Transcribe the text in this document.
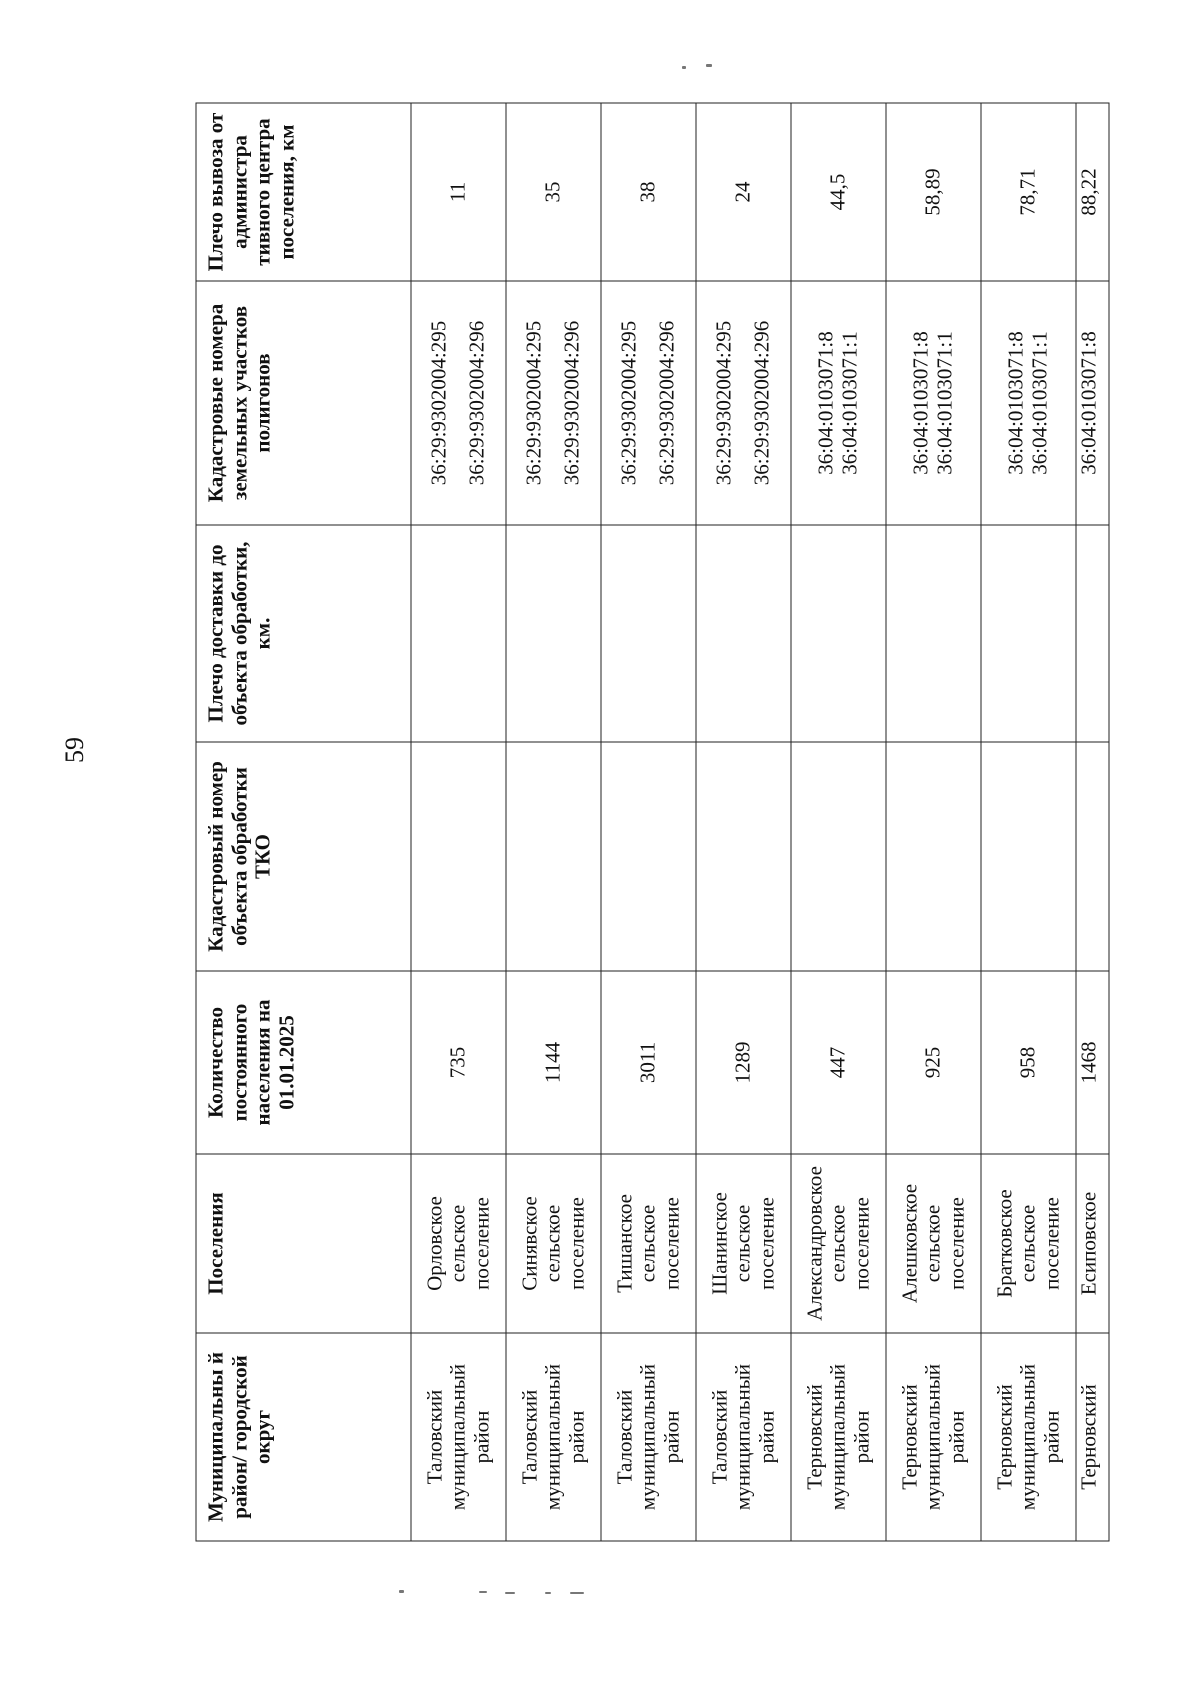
59
Муниципальны й район/ городской округ	Поселения	Количество постоянного населения на 01.01.2025	Кадастровый номер объекта обработки ТКО	Плечо доставки до объекта обработки, км.	Кадастровые номера земельных участков полигонов	Плечо вывоза от администра тивного центра поселения, км
Таловский муниципальный район	Орловское сельское поселение	735			36:29:9302004:295 36:29:9302004:296	11
Таловский муниципальный район	Синявское сельское поселение	1144			36:29:9302004:295 36:29:9302004:296	35
Таловский муниципальный район	Тишанское сельское поселение	3011			36:29:9302004:295 36:29:9302004:296	38
Таловский муниципальный район	Шанинское сельское поселение	1289			36:29:9302004:295 36:29:9302004:296	24
Терновский муниципальный район	Александровское сельское поселение	447			36:04:0103071:8 36:04:0103071:1	44,5
Терновский муниципальный район	Алешковское сельское поселение	925			36:04:0103071:8 36:04:0103071:1	58,89
Терновский муниципальный район	Братковское сельское поселение	958			36:04:0103071:8 36:04:0103071:1	78,71
Терновский	Есиповское	1468			36:04:0103071:8	88,22
